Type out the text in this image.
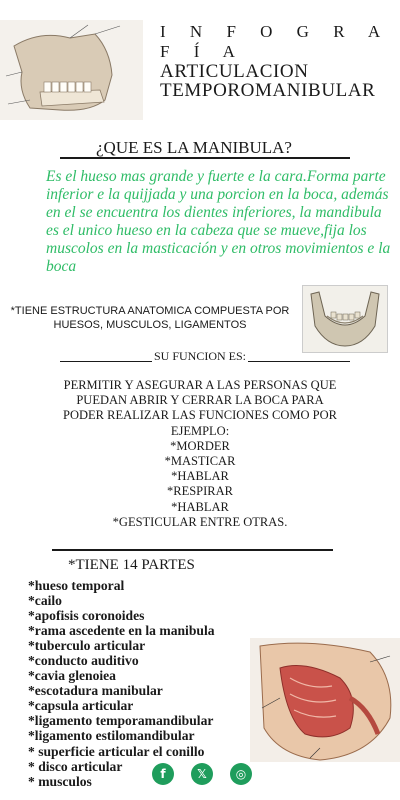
I N F O G R A F Í A
ARTICULACION TEMPOROMANIBULAR
¿QUE ES LA MANIBULA?
Es el hueso mas grande y fuerte e la cara.Forma parte inferior e la quijjada y una porcion en la boca, además en el se encuentra los dientes inferiores, la mandibula es el unico hueso en la cabeza que se mueve,fija los muscolos en la masticación y en otros movimientos e la boca
*TIENE ESTRUCTURA ANATOMICA COMPUESTA POR HUESOS, MUSCULOS, LIGAMENTOS
SU FUNCION ES:
PERMITIR Y ASEGURAR A LAS PERSONAS QUE
PUEDAN ABRIR Y CERRAR LA BOCA PARA
PODER REALIZAR LAS FUNCIONES COMO POR
EJEMPLO:
*MORDER
*MASTICAR
*HABLAR
*RESPIRAR
*HABLAR
*GESTICULAR ENTRE OTRAS.
*TIENE 14 PARTES
*hueso temporal
*cailo
*apofisis coronoides
*rama ascedente en la manibula
*tuberculo articular
*conducto auditivo
*cavia glenoiea
*escotadura manibular
*capsula articular
*ligamento temporamandibular
*ligamento estilomandibular
* superficie articular el conillo
* disco articular
* musculos	f	𝕏	◎
